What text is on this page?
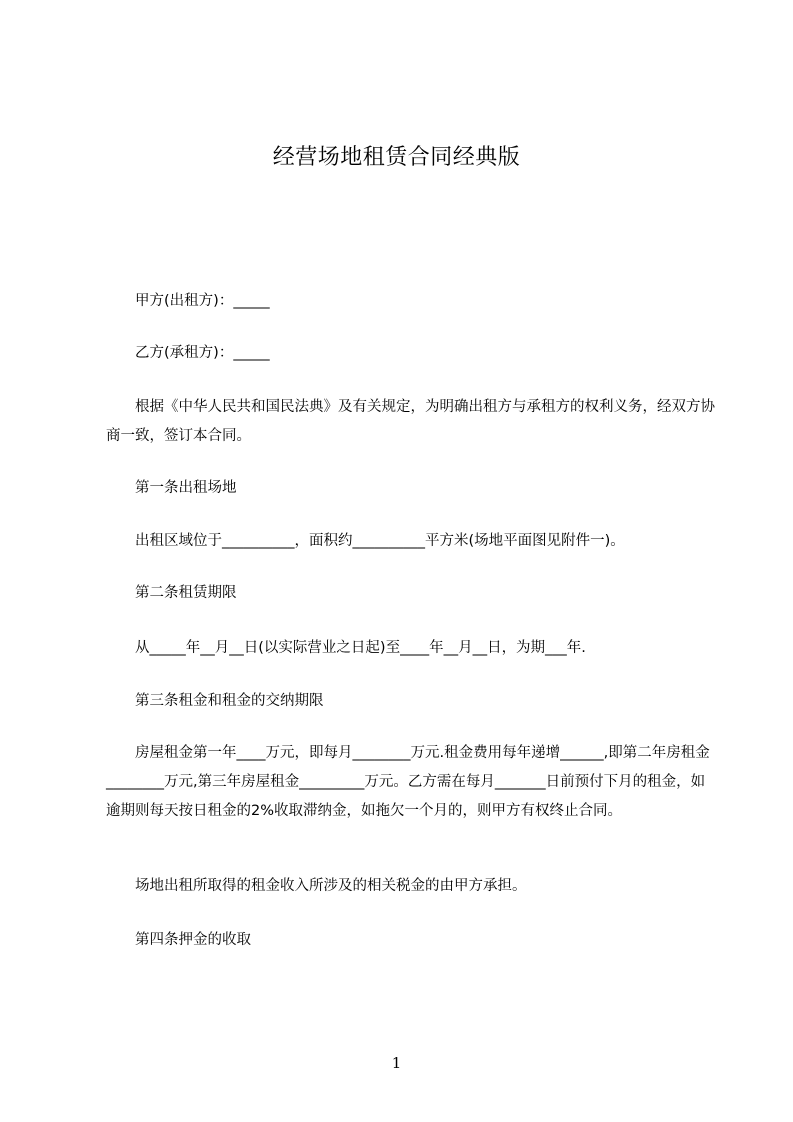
经营场地租赁合同经典版

甲方(出租方)：_____

乙方(承租方)：_____

根据《中华人民共和国民法典》及有关规定，为明确出租方与承租方的权利义务，经双方协商一致，签订本合同。

第一条出租场地

出租区域位于__________，面积约__________平方米(场地平面图见附件一)。

第二条租赁期限

从_____年__月__日(以实际营业之日起)至____年__月__日，为期___年.

第三条租金和租金的交纳期限

房屋租金第一年____万元，即每月________万元.租金费用每年递增______,即第二年房租金________万元,第三年房屋租金_________万元。乙方需在每月_______日前预付下月的租金，如逾期则每天按日租金的2%收取滞纳金，如拖欠一个月的，则甲方有权终止合同。

场地出租所取得的租金收入所涉及的相关税金的由甲方承担。

第四条押金的收取

1
